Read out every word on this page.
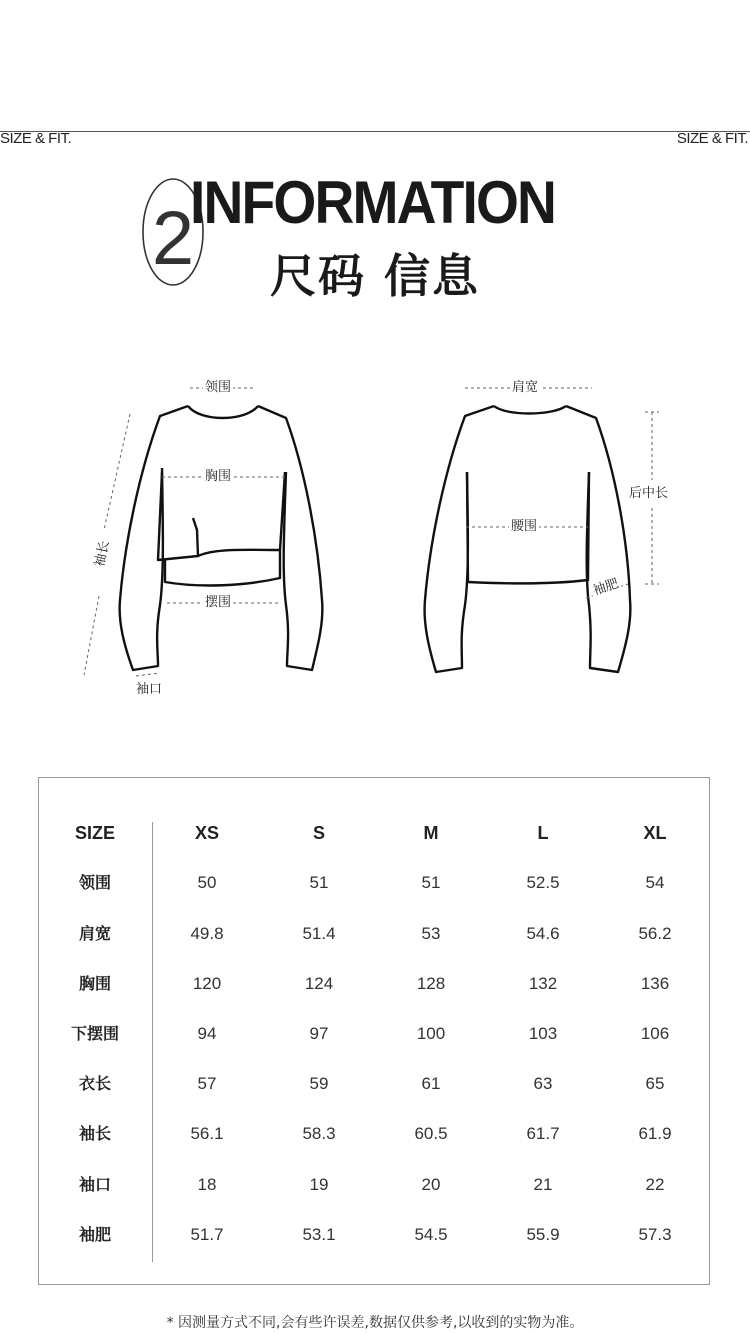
SIZE & FIT.	SIZE & FIT.
2
INFORMATION
尺码 信息
领围
胸围
袖长
摆围
袖口
肩宽
后中长
腰围
袖肥
SIZE	XS	S	M	L	XL
领围	50	51	51	52.5	54
肩宽	49.8	51.4	53	54.6	56.2
胸围	120	124	128	132	136
下摆围	94	97	100	103	106
衣长	57	59	61	63	65
袖长	56.1	58.3	60.5	61.7	61.9
袖口	18	19	20	21	22
袖肥	51.7	53.1	54.5	55.9	57.3
* 因测量方式不同,会有些许误差,数据仅供参考,以收到的实物为准。
